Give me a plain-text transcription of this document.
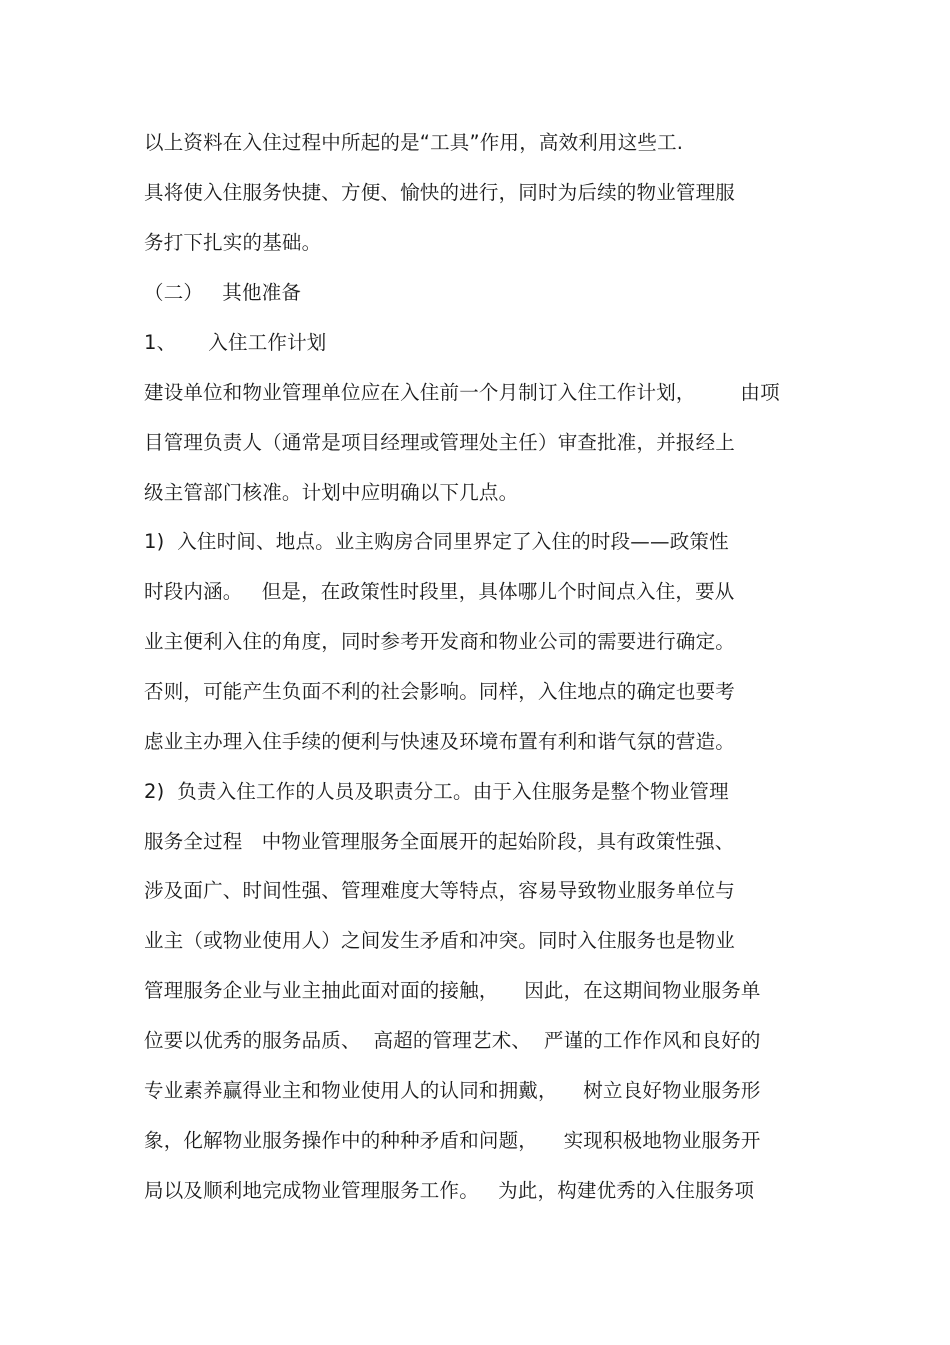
以上资料在入住过程中所起的是“工具”作用，高效利用这些工.
具将使入住服务快捷、方便、愉快的进行，同时为后续的物业管理服
务打下扎实的基础。
（二）   其他准备
1、     入住工作计划
建设单位和物业管理单位应在入住前一个月制订入住工作计划，       由项
目管理负责人（通常是项目经理或管理处主任）审查批准，并报经上
级主管部门核准。计划中应明确以下几点。
1)  入住时间、地点。业主购房合同里界定了入住的时段——政策性
时段内涵。   但是，在政策性时段里，具体哪儿个时间点入住，要从
业主便利入住的角度，同时参考开发商和物业公司的需要进行确定。
否则，可能产生负面不利的社会影响。同样，入住地点的确定也要考
虑业主办理入住手续的便利与快速及环境布置有利和谐气氛的营造。
2)  负责入住工作的人员及职责分工。由于入住服务是整个物业管理
服务全过程   中物业管理服务全面展开的起始阶段，具有政策性强、
涉及面广、时间性强、管理难度大等特点，容易导致物业服务单位与
业主（或物业使用人）之间发生矛盾和冲突。同时入住服务也是物业
管理服务企业与业主抽此面对面的接触，    因此，在这期间物业服务单
位要以优秀的服务品质、  高超的管理艺术、  严谨的工作作风和良好的
专业素养赢得业主和物业使用人的认同和拥戴，    树立良好物业服务形
象，化解物业服务操作中的种种矛盾和问题，    实现积极地物业服务开
局以及顺利地完成物业管理服务工作。   为此，构建优秀的入住服务项
